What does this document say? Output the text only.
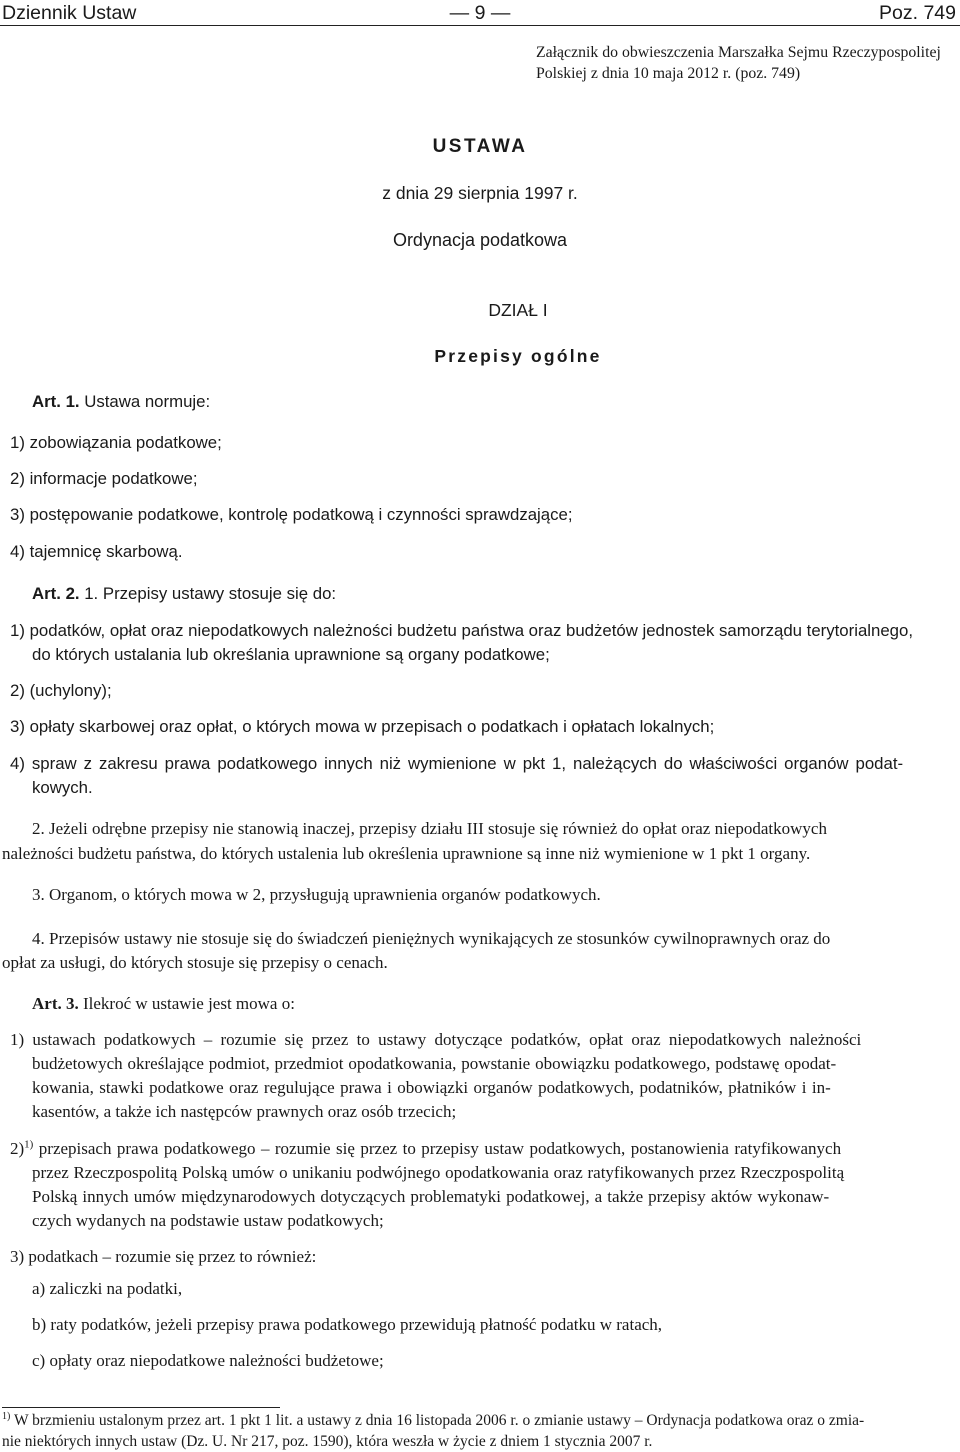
Dziennik Ustaw	— 9 —	Poz. 749
Załącznik do obwieszczenia Marszałka Sejmu Rzeczypospolitej
Polskiej z dnia 10 maja 2012 r. (poz. 749)
USTAWA
z dnia 29 sierpnia 1997 r.
Ordynacja podatkowa
DZIAŁ I
Przepisy ogólne
Art. 1. Ustawa normuje:
1) zobowiązania podatkowe;
2) informacje podatkowe;
3) postępowanie podatkowe, kontrolę podatkową i czynności sprawdzające;
4) tajemnicę skarbową.
Art. 2. 1. Przepisy ustawy stosuje się do:
1) podatków, opłat oraz niepodatkowych należności budżetu państwa oraz budżetów jednostek samorządu terytorialnego,
do których ustalania lub określania uprawnione są organy podatkowe;
2) (uchylony);
3) opłaty skarbowej oraz opłat, o których mowa w przepisach o podatkach i opłatach lokalnych;
4) spraw z zakresu prawa podatkowego innych niż wymienione w pkt 1, należących do właściwości organów podat-
kowych.
2. Jeżeli odrębne przepisy nie stanowią inaczej, przepisy działu III stosuje się również do opłat oraz niepodatkowych
należności budżetu państwa, do których ustalenia lub określenia uprawnione są inne niż wymienione w 1 pkt 1 organy.
3. Organom, o których mowa w 2, przysługują uprawnienia organów podatkowych.
4. Przepisów ustawy nie stosuje się do świadczeń pieniężnych wynikających ze stosunków cywilnoprawnych oraz do
opłat za usługi, do których stosuje się przepisy o cenach.
Art. 3. Ilekroć w ustawie jest mowa o:
1) ustawach podatkowych – rozumie się przez to ustawy dotyczące podatków, opłat oraz niepodatkowych należności
budżetowych określające podmiot, przedmiot opodatkowania, powstanie obowiązku podatkowego, podstawę opodat-
kowania, stawki podatkowe oraz regulujące prawa i obowiązki organów podatkowych, podatników, płatników i in-
kasentów, a także ich następców prawnych oraz osób trzecich;
2)$^{1)}$ przepisach prawa podatkowego – rozumie się przez to przepisy ustaw podatkowych, postanowienia ratyfikowanych
przez Rzeczpospolitą Polską umów o unikaniu podwójnego opodatkowania oraz ratyfikowanych przez Rzeczpospolitą
Polską innych umów międzynarodowych dotyczących problematyki podatkowej, a także przepisy aktów wykonaw-
czych wydanych na podstawie ustaw podatkowych;
3) podatkach – rozumie się przez to również:
a) zaliczki na podatki,
b) raty podatków, jeżeli przepisy prawa podatkowego przewidują płatność podatku w ratach,
c) opłaty oraz niepodatkowe należności budżetowe;
$^{1)}$ W brzmieniu ustalonym przez art. 1 pkt 1 lit. a ustawy z dnia 16 listopada 2006 r. o zmianie ustawy – Ordynacja podatkowa oraz o zmia-
nie niektórych innych ustaw (Dz. U. Nr 217, poz. 1590), która weszła w życie z dniem 1 stycznia 2007 r.
